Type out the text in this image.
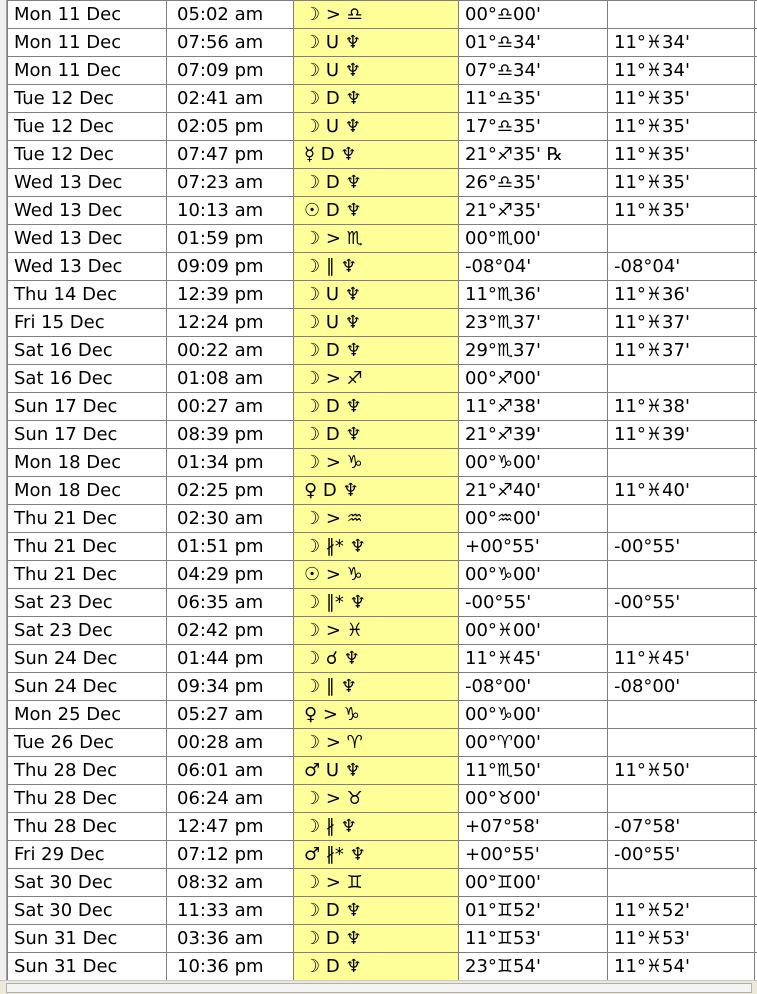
Mon 11 Dec	05:02 am	☽ > ♎	00°♎00'		
Mon 11 Dec	07:56 am	☽ U ♆	01°♎34'	11°♓34'	
Mon 11 Dec	07:09 pm	☽ U ♆	07°♎34'	11°♓34'	
Tue 12 Dec	02:41 am	☽ D ♆	11°♎35'	11°♓35'	
Tue 12 Dec	02:05 pm	☽ U ♆	17°♎35'	11°♓35'	
Tue 12 Dec	07:47 pm	☿ D ♆	21°♐35' ℞	11°♓35'	
Wed 13 Dec	07:23 am	☽ D ♆	26°♎35'	11°♓35'	
Wed 13 Dec	10:13 am	☉ D ♆	21°♐35'	11°♓35'	
Wed 13 Dec	01:59 pm	☽ > ♏	00°♏00'		
Wed 13 Dec	09:09 pm	☽ ∥ ♆	-08°04'	-08°04'	
Thu 14 Dec	12:39 pm	☽ U ♆	11°♏36'	11°♓36'	
Fri 15 Dec	12:24 pm	☽ U ♆	23°♏37'	11°♓37'	
Sat 16 Dec	00:22 am	☽ D ♆	29°♏37'	11°♓37'	
Sat 16 Dec	01:08 am	☽ > ♐	00°♐00'		
Sun 17 Dec	00:27 am	☽ D ♆	11°♐38'	11°♓38'	
Sun 17 Dec	08:39 pm	☽ D ♆	21°♐39'	11°♓39'	
Mon 18 Dec	01:34 pm	☽ > ♑	00°♑00'		
Mon 18 Dec	02:25 pm	♀ D ♆	21°♐40'	11°♓40'	
Thu 21 Dec	02:30 am	☽ > ♒	00°♒00'		
Thu 21 Dec	01:51 pm	☽ ∦* ♆	+00°55'	-00°55'	
Thu 21 Dec	04:29 pm	☉ > ♑	00°♑00'		
Sat 23 Dec	06:35 am	☽ ∥* ♆	-00°55'	-00°55'	
Sat 23 Dec	02:42 pm	☽ > ♓	00°♓00'		
Sun 24 Dec	01:44 pm	☽ ☌ ♆	11°♓45'	11°♓45'	
Sun 24 Dec	09:34 pm	☽ ∥ ♆	-08°00'	-08°00'	
Mon 25 Dec	05:27 am	♀ > ♑	00°♑00'		
Tue 26 Dec	00:28 am	☽ > ♈	00°♈00'		
Thu 28 Dec	06:01 am	♂ U ♆	11°♏50'	11°♓50'	
Thu 28 Dec	06:24 am	☽ > ♉	00°♉00'		
Thu 28 Dec	12:47 pm	☽ ∦ ♆	+07°58'	-07°58'	
Fri 29 Dec	07:12 pm	♂ ∦* ♆	+00°55'	-00°55'	
Sat 30 Dec	08:32 am	☽ > ♊	00°♊00'		
Sat 30 Dec	11:33 am	☽ D ♆	01°♊52'	11°♓52'	
Sun 31 Dec	03:36 am	☽ D ♆	11°♊53'	11°♓53'	
Sun 31 Dec	10:36 pm	☽ D ♆	23°♊54'	11°♓54'	
